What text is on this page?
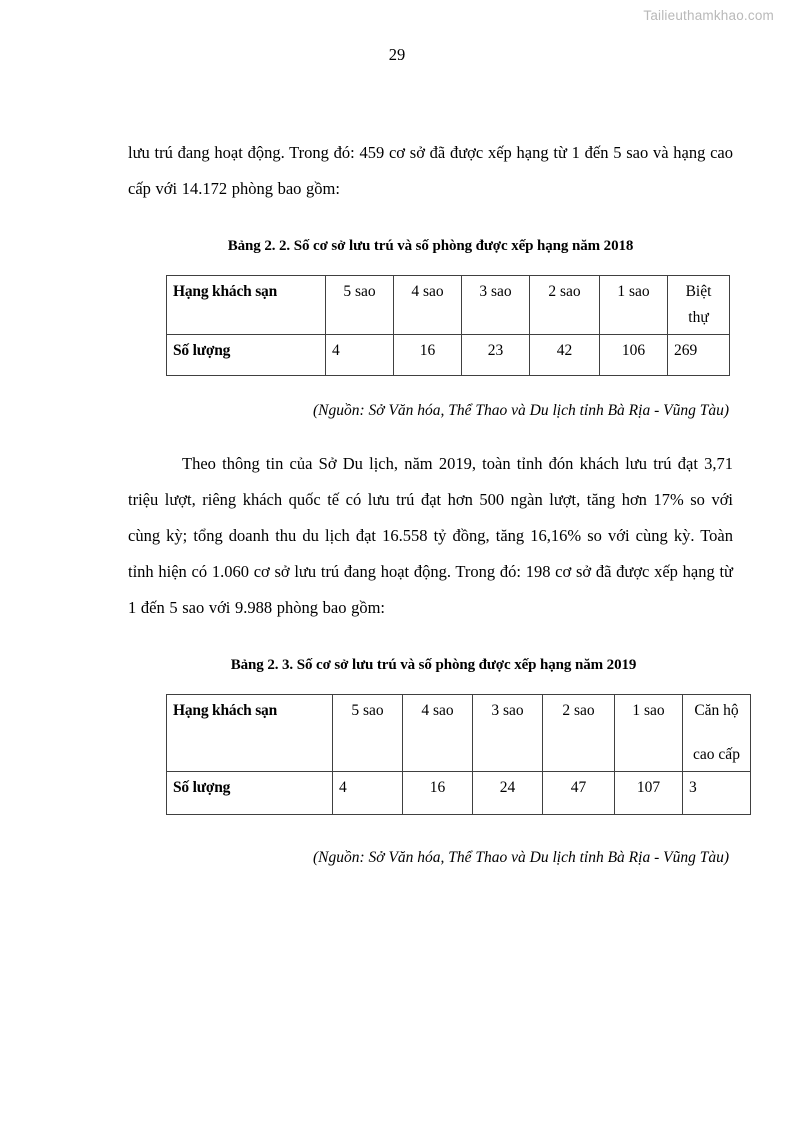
Tailieuthamkhao.com
29

lưu trú đang hoạt động. Trong đó: 459 cơ sở đã được xếp hạng từ 1 đến 5 sao và hạng cao cấp với 14.172 phòng bao gồm:

Bảng 2. 2. Số cơ sở lưu trú và số phòng được xếp hạng năm 2018

Hạng khách sạn	5 sao	4 sao	3 sao	2 sao	1 sao	Biệt
thự

Số lượng	4	16	23	42	106	269

(Nguồn: Sở Văn hóa, Thể Thao và Du lịch tỉnh Bà Rịa - Vũng Tàu)

Theo thông tin của Sở Du lịch, năm 2019, toàn tỉnh đón khách lưu trú đạt 3,71 triệu lượt, riêng khách quốc tế có lưu trú đạt hơn 500 ngàn lượt, tăng hơn 17% so với cùng kỳ; tổng doanh thu du lịch đạt 16.558 tỷ đồng, tăng 16,16% so với cùng kỳ. Toàn tỉnh hiện có 1.060 cơ sở lưu trú đang hoạt động. Trong đó: 198 cơ sở đã được xếp hạng từ 1 đến 5 sao với 9.988 phòng bao gồm:

Bảng 2. 3. Số cơ sở lưu trú và số phòng được xếp hạng năm 2019

Hạng khách sạn	5 sao	4 sao	3 sao	2 sao	1 sao	Căn hộ
cao cấp

Số lượng	4	16	24	47	107	3

(Nguồn: Sở Văn hóa, Thể Thao và Du lịch tỉnh Bà Rịa - Vũng Tàu)
